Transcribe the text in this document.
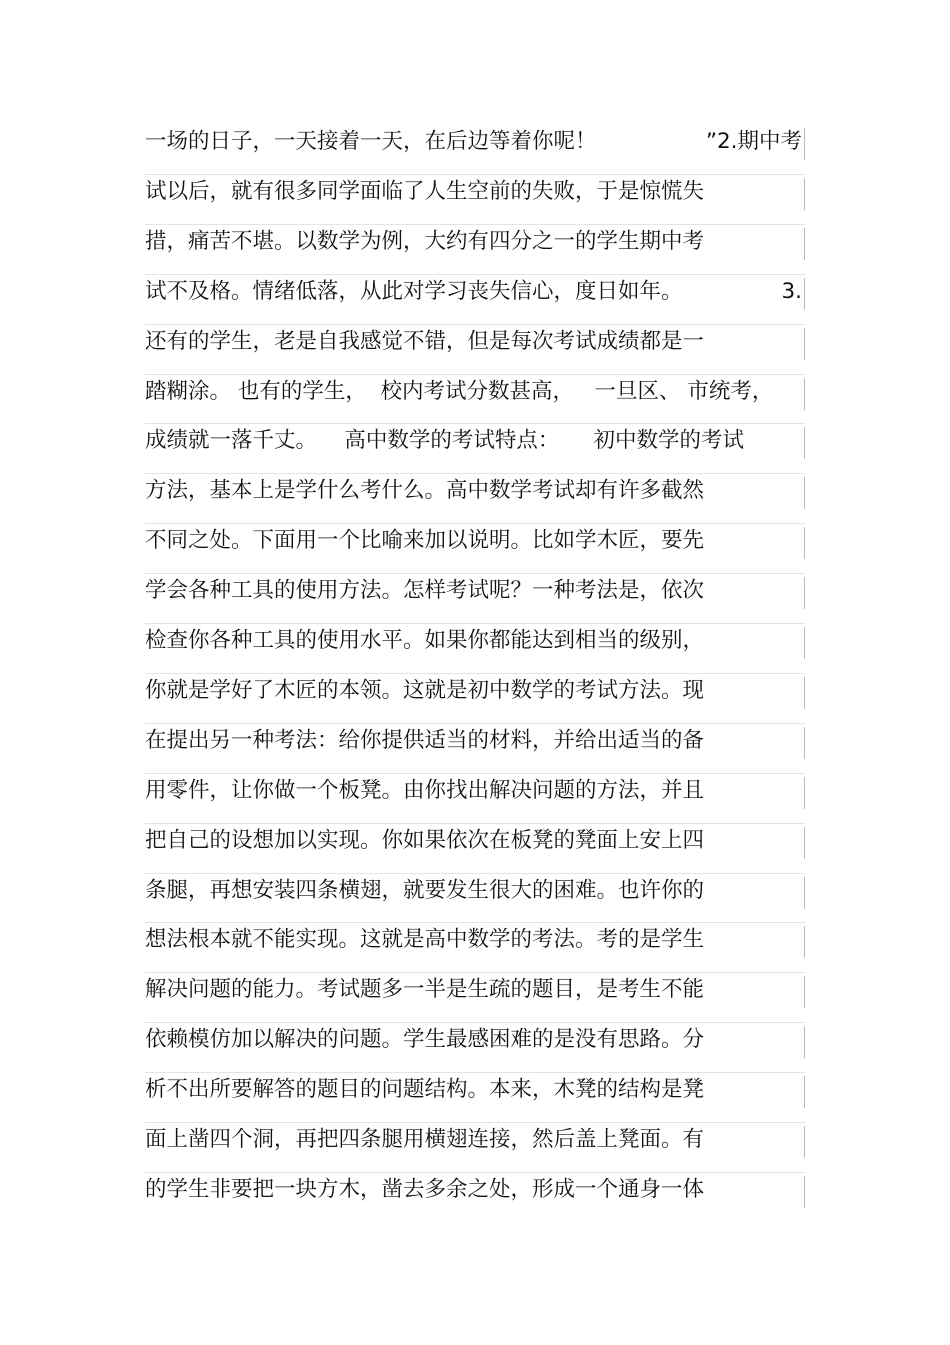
一场的日子，一天接着一天，在后边等着你呢！	”2.期中考
试以后，就有很多同学面临了人生空前的失败，于是惊慌失
措，痛苦不堪。以数学为例，大约有四分之一的学生期中考
试不及格。情绪低落，从此对学习丧失信心，度日如年。	3.
还有的学生，老是自我感觉不错，但是每次考试成绩都是一
踏糊涂。 也有的学生，  校内考试分数甚高，   一旦区、 市统考，
成绩就一落千丈。    高中数学的考试特点：     初中数学的考试
方法，基本上是学什么考什么。高中数学考试却有许多截然
不同之处。下面用一个比喻来加以说明。比如学木匠，要先
学会各种工具的使用方法。怎样考试呢？一种考法是，依次
检查你各种工具的使用水平。如果你都能达到相当的级别，
你就是学好了木匠的本领。这就是初中数学的考试方法。现
在提出另一种考法：给你提供适当的材料，并给出适当的备
用零件，让你做一个板凳。由你找出解决问题的方法，并且
把自己的设想加以实现。你如果依次在板凳的凳面上安上四
条腿，再想安装四条横翅，就要发生很大的困难。也许你的
想法根本就不能实现。这就是高中数学的考法。考的是学生
解决问题的能力。考试题多一半是生疏的题目，是考生不能
依赖模仿加以解决的问题。学生最感困难的是没有思路。分
析不出所要解答的题目的问题结构。本来，木凳的结构是凳
面上凿四个洞，再把四条腿用横翅连接，然后盖上凳面。有
的学生非要把一块方木，凿去多余之处，形成一个通身一体
